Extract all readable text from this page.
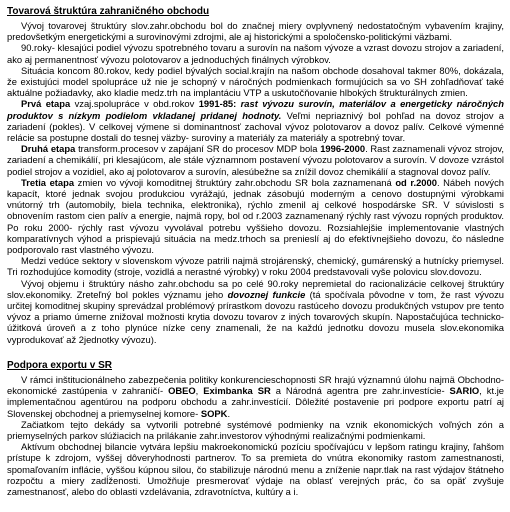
Tovarová štruktúra zahraničného obchodu

Vývoj tovarovej štruktúry slov.zahr.obchodu bol do značnej miery ovplyvnený nedostatočným vybavením krajiny, predovšetkým energetickými a surovinovými zdrojmi, ale aj historickými a spoločensko-politickými väzbami.

90.roky- klesajúci podiel vývozu spotrebného tovaru a surovín na našom vývoze a vzrast dovozu strojov a zariadení, ako aj permanentnosť vývozu polotovarov a jednoduchých finálnych výrobkov.

Situácia koncom 80.rokov, kedy podiel bývalých social.krajín na našom obchode dosahoval takmer 80%, dokázala, že existujúci model spolupráce už nie je schopný v náročných podmienkach formujúcich sa vo SH zohľadňovať také aktuálne požiadavky, ako kladie medz.trh na implantáciu VTP a uskutočňovanie hlbokých štrukturálnych zmien.

Prvá etapa vzaj.spolupráce v obd.rokov 1991-85: rast vývozu surovín, materiálov a energeticky náročných produktov s nízkym podielom vkladanej pridanej hodnoty. Veľmi nepriaznivý bol pohľad na dovoz strojov a zariadení (pokles). V celkovej výmene si dominantnosť zachoval vývoz polotovarov a dovoz palív. Celkové výmenné relácie sa postupne dostali do tesnej väzby- suroviny a materiály za materiály a spotrebný tovar.

Druhá etapa transform.procesov v zapájaní SR do procesov MDP bola 1996-2000. Rast zaznamenali vývoz strojov, zariadení a chemikálií, pri klesajúcom, ale stále významnom postavení vývozu polotovarov a surovín. V dovoze vzrástol podiel strojov a vozidiel, ako aj polotovarov a surovín, alesúbežne sa znížil dovoz chemikálií a stagnoval dovoz palív.

Tretia etapa zmien vo vývoji komoditnej štruktúry zahr.obchodu SR bola zaznamenaná od r.2000. Nábeh nových kapacít, ktoré jednak svojou produkciou vyrážajú, jednak zásobujú moderným a cenovo dostupnými výrobkami vnútorný trh (automobily, biela technika, elektronika), rýchlo zmenil aj celkové hospodárske SR. V súvislosti s obnovením rastom cien palív a energie, najmä ropy, bol od r.2003 zaznamenaný rýchly rast vývozu ropných produktov. Po roku 2000- rýchly rast vývozu vyvolával potrebu vyššieho dovozu. Rozsiahlejšie implementovanie vlastných komparatívnych výhod a prispievajú situácia na medz.trhoch sa prenieslí aj do efektívnejšieho dovozu, čo následne podporovalo rast vlastného vývozu.

Medzi vedúce sektory v slovenskom vývoze patrili najmä strojárenský, chemický, gumárenský a hutnícky priemysel. Tri rozhodujúce komodity (stroje, vozidlá a nerastné výrobky) v roku 2004 predstavovali vyše polovicu slov.dovozu.

Vývoj objemu i štruktúry násho zahr.obchodu sa po celé 90.roky nepremietal do racionalizácie celkovej štruktúry slov.ekonomiky. Zreteľný bol pokles významu jeho dovoznej funkcie (tá spočívala pôvodne v tom, že rast vývozu určitej komoditnej skupiny sprevádzal problémový prírastkom dovozu rastúceho dovozu produkčných vstupov pre tento vývoz a priamo úmerne znižoval možnosti krytia dovozu tovarov z iných tovarových skupín. Napostačujúca technicko-úžitková úroveň a z toho plynúce nízke ceny znamenali, že na každú jednotku dovozu musela slov.ekonomika vyprodukovať až 2jednotky vývozu).

Podpora exportu v SR

V rámci inštitucionálneho zabezpečenia politiky konkurencieschopnosti SR hrajú významnú úlohu najmä Obchodno-ekonomické zastúpenia v zahraničí- OBEO, Eximbanka SR a Národná agentra pre zahr.investície- SARIO, kt.je implementačnou agentúrou na podporu obchodu a zahr.investícií. Dôležité postavenie pri podpore exportu patrí aj Slovenskej obchodnej a priemyselnej komore- SOPK.

Začiatkom tejto dekády sa vytvorili potrebné systémové podmienky na vznik ekonomických voľných zón a priemyselných parkov slúžiacich na prilákanie zahr.investorov výhodnými realizačnými podmienkami.

Aktívum obchodnej bilancie vytvára lepšiu makroekonomickú pozíciu spočívajúcu v lepšom ratingu krajiny, ľahšom prístupe k zdrojom, vyššej dôveryhodnosti partnerov. To sa premieta do vnútra ekonomiky rastom zamestnanosti, spomaľovaním inflácie, vyššou kúpnou silou, čo stabilizuje národnú menu a zníženie napr.tlak na rast výdajov štátneho rozpočtu a miery zadĺženosti. Umožňuje presmerovať výdaje na oblasť verejných prác, čo sa opäť zvyšuje zamestnanosť, alebo do oblasti vzdelávania, zdravotníctva, kultúry a i.
